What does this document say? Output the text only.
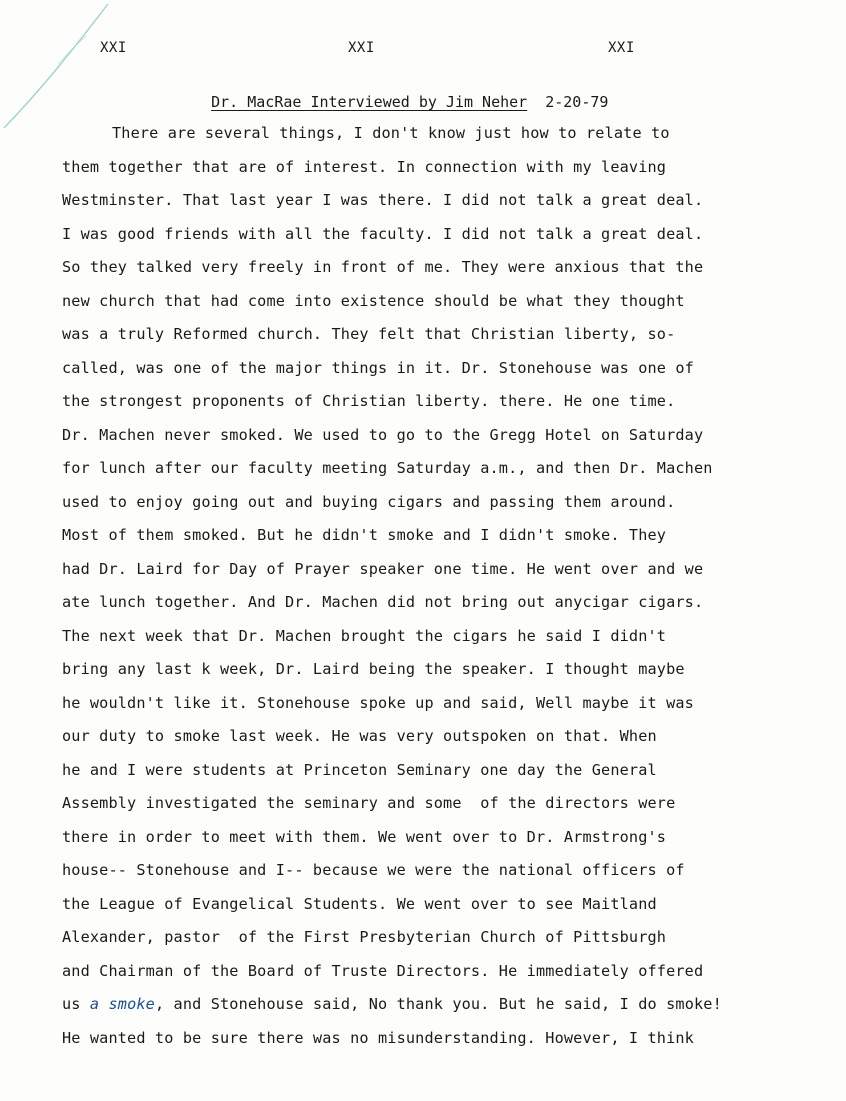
XXI	XXI	XXI

Dr. MacRae Interviewed by Jim Neher 2-20-79

There are several things, I don't know just how to relate to
them together that are of interest. In connection with my leaving
Westminster. That last year I was there. I did not talk a great deal.
I was good friends with all the faculty. I did not talk a great deal.
So they talked very freely in front of me. They were anxious that the
new church that had come into existence should be what they thought
was a truly Reformed church. They felt that Christian liberty, so-
called, was one of the major things in it. Dr. Stonehouse was one of
the strongest proponents of Christian liberty. there. He one time.
Dr. Machen never smoked. We used to go to the Gregg Hotel on Saturday
for lunch after our faculty meeting Saturday a.m., and then Dr. Machen
used to enjoy going out and buying cigars and passing them around.
Most of them smoked. But he didn't smoke and I didn't smoke. They
had Dr. Laird for Day of Prayer speaker one time. He went over and we
ate lunch together. And Dr. Machen did not bring out anycigar cigars.
The next week that Dr. Machen brought the cigars he said I didn't
bring any last k week, Dr. Laird being the speaker. I thought maybe
he wouldn't like it. Stonehouse spoke up and said, Well maybe it was
our duty to smoke last week. He was very outspoken on that. When
he and I were students at Princeton Seminary one day the General
Assembly investigated the seminary and some  of the directors were
there in order to meet with them. We went over to Dr. Armstrong's
house-- Stonehouse and I-- because we were the national officers of
the League of Evangelical Students. We went over to see Maitland
Alexander, pastor  of the First Presbyterian Church of Pittsburgh
and Chairman of the Board of Truste Directors. He immediately offered
us a smoke, and Stonehouse said, No thank you. But he said, I do smoke!
He wanted to be sure there was no misunderstanding. However, I think
